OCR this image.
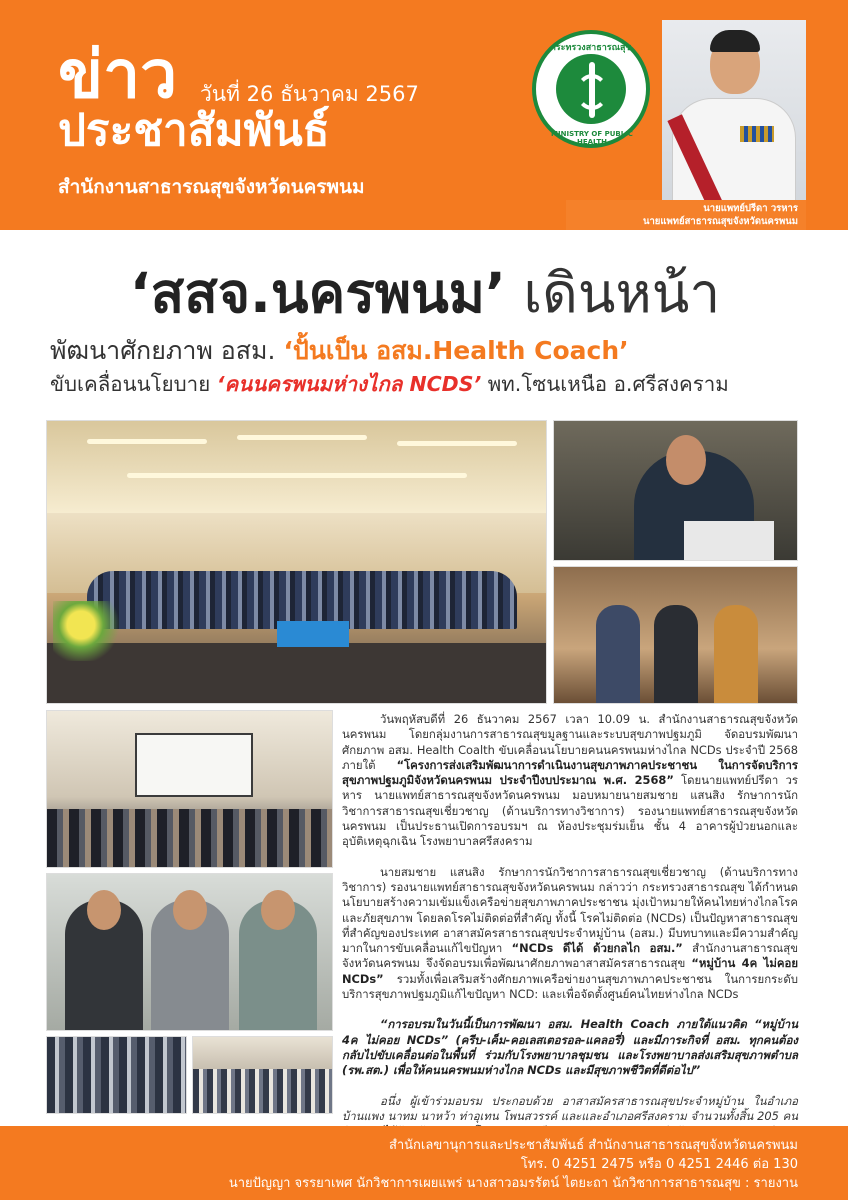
ข่าว วันที่ 26 ธันวาคม 2567
ประชาสัมพันธ์
สำนักงานสาธารณสุขจังหวัดนครพนม
กระทรวงสาธารณสุข
MINISTRY OF PUBLIC HEALTH
นายแพทย์ปรีดา วรหาร
นายแพทย์สาธารณสุขจังหวัดนครพนม
‘สสจ.นครพนม’ เดินหน้า
พัฒนาศักยภาพ อสม. ‘ปั้นเป็น อสม.Health Coach’
ขับเคลื่อนนโยบาย ‘คนนครพนมห่างไกล NCDS’ พท.โซนเหนือ อ.ศรีสงคราม

วันพฤหัสบดีที่ 26 ธันวาคม 2567 เวลา 10.09 น. สำนักงานสาธารณสุขจังหวัดนครพนม โดยกลุ่มงานการสาธารณสุขมูลฐานและระบบสุขภาพปฐมภูมิ จัดอบรมพัฒนาศักยภาพ อสม. Health Coalth ขับเคลื่อนนโยบายคนนครพนมห่างไกล NCDs ประจำปี 2568 ภายใต้ “โครงการส่งเสริมพัฒนาการดำเนินงานสุขภาพภาคประชาชน ในการจัดบริการสุขภาพปฐมภูมิจังหวัดนครพนม ประจำปีงบประมาณ พ.ศ. 2568” โดยนายแพทย์ปรีดา วรหาร นายแพทย์สาธารณสุขจังหวัดนครพนม มอบหมายนายสมชาย แสนสิง รักษาการนักวิชาการสาธารณสุขเชี่ยวชาญ (ด้านบริการทางวิชาการ) รองนายแพทย์สาธารณสุขจังหวัดนครพนม เป็นประธานเปิดการอบรมฯ ณ ห้องประชุมร่มเย็น ชั้น 4 อาคารผู้ป่วยนอกและอุบัติเหตุฉุกเฉิน โรงพยาบาลศรีสงคราม

นายสมชาย แสนสิง รักษาการนักวิชาการสาธารณสุขเชี่ยวชาญ (ด้านบริการทางวิชาการ) รองนายแพทย์สาธารณสุขจังหวัดนครพนม กล่าวว่า กระทรวงสาธารณสุข ได้กำหนดนโยบายสร้างความเข้มแข็งเครือข่ายสุขภาพภาคประชาชน มุ่งเป้าหมายให้คนไทยห่างไกลโรคและภัยสุขภาพ โดยลดโรคไม่ติดต่อที่สำคัญ ทั้งนี้ โรคไม่ติดต่อ (NCDs) เป็นปัญหาสาธารณสุขที่สำคัญของประเทศ อาสาสมัครสาธารณสุขประจำหมู่บ้าน (อสม.) มีบทบาทและมีความสำคัญมากในการขับเคลื่อนแก้ไขปัญหา “NCDs ดีได้ ด้วยกลไก อสม.” สำนักงานสาธารณสุขจังหวัดนครพนม จึงจัดอบรมเพื่อพัฒนาศักยภาพอาสาสมัครสาธารณสุข “หมู่บ้าน 4ค ไม่คอย NCDs” รวมทั้งเพื่อเสริมสร้างศักยภาพเครือข่ายงานสุขภาพภาคประชาชน ในการยกระดับบริการสุขภาพปฐมภูมิแก้ไขปัญหา NCD: และเพื่อจัดตั้งศูนย์คนไทยห่างไกล NCDs

“การอบรมในวันนี้เป็นการพัฒนา อสม. Health Coach ภายใต้แนวคิด “หมู่บ้าน 4ค ไม่คอย NCDs” (ครีบ-เค็ม-คอเลสเตอรอล-แคลอรี่) และมีภาระกิจที่ อสม. ทุกคนต้องกลับไปขับเคลื่อนต่อในพื้นที่ ร่วมกับโรงพยาบาลชุมชน และโรงพยาบาลส่งเสริมสุขภาพตำบล (รพ.สต.) เพื่อให้คนนครพนมห่างไกล NCDs และมีสุขภาพชีวิตที่ดีต่อไป”

อนึ่ง ผู้เข้าร่วมอบรม ประกอบด้วย อาสาสมัครสาธารณสุขประจำหมู่บ้าน ในอำเภอบ้านแพง นาทม นาหว้า ท่าอุเทน โพนสวรรค์ และและอำเภอศรีสงคราม จำนวนทั้งสิ้น 205 คน

สำนักเลขานุการและประชาสัมพันธ์ สำนักงานสาธารณสุขจังหวัดนครพนม
โทร. 0 4251 2475 หรือ 0 4251 2446 ต่อ 130
นายปัญญา จรรยาเพศ นักวิชาการเผยแพร่ นางสาวอมรรัตน์ ไตยะถา นักวิชาการสาธารณสุข : รายงาน
